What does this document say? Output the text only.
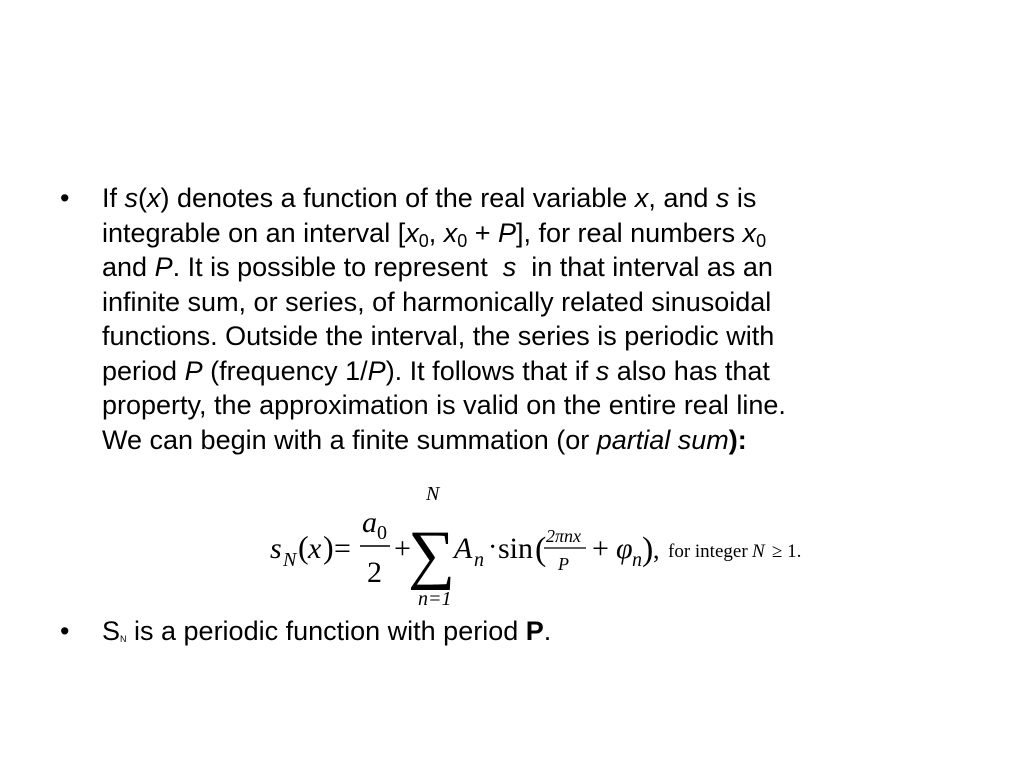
• If s(x) denotes a function of the real variable x, and s is
integrable on an interval [$x_0$, $x_0 + P$], for real numbers $x_0$
and P. It is possible to represent  s  in that interval as an
infinite sum, or series, of harmonically related sinusoidal
functions. Outside the interval, the series is periodic with
period P (frequency 1/P). It follows that if s also has that
property, the approximation is valid on the entire real line.
We can begin with a finite summation (or partial sum):
s N ( x ) =
a 0
2
+
N
∑
n=1
A n · sin ( 2πnx
P + φ n ) , for integer N ≥ 1.
• SN is a periodic function with period P.
